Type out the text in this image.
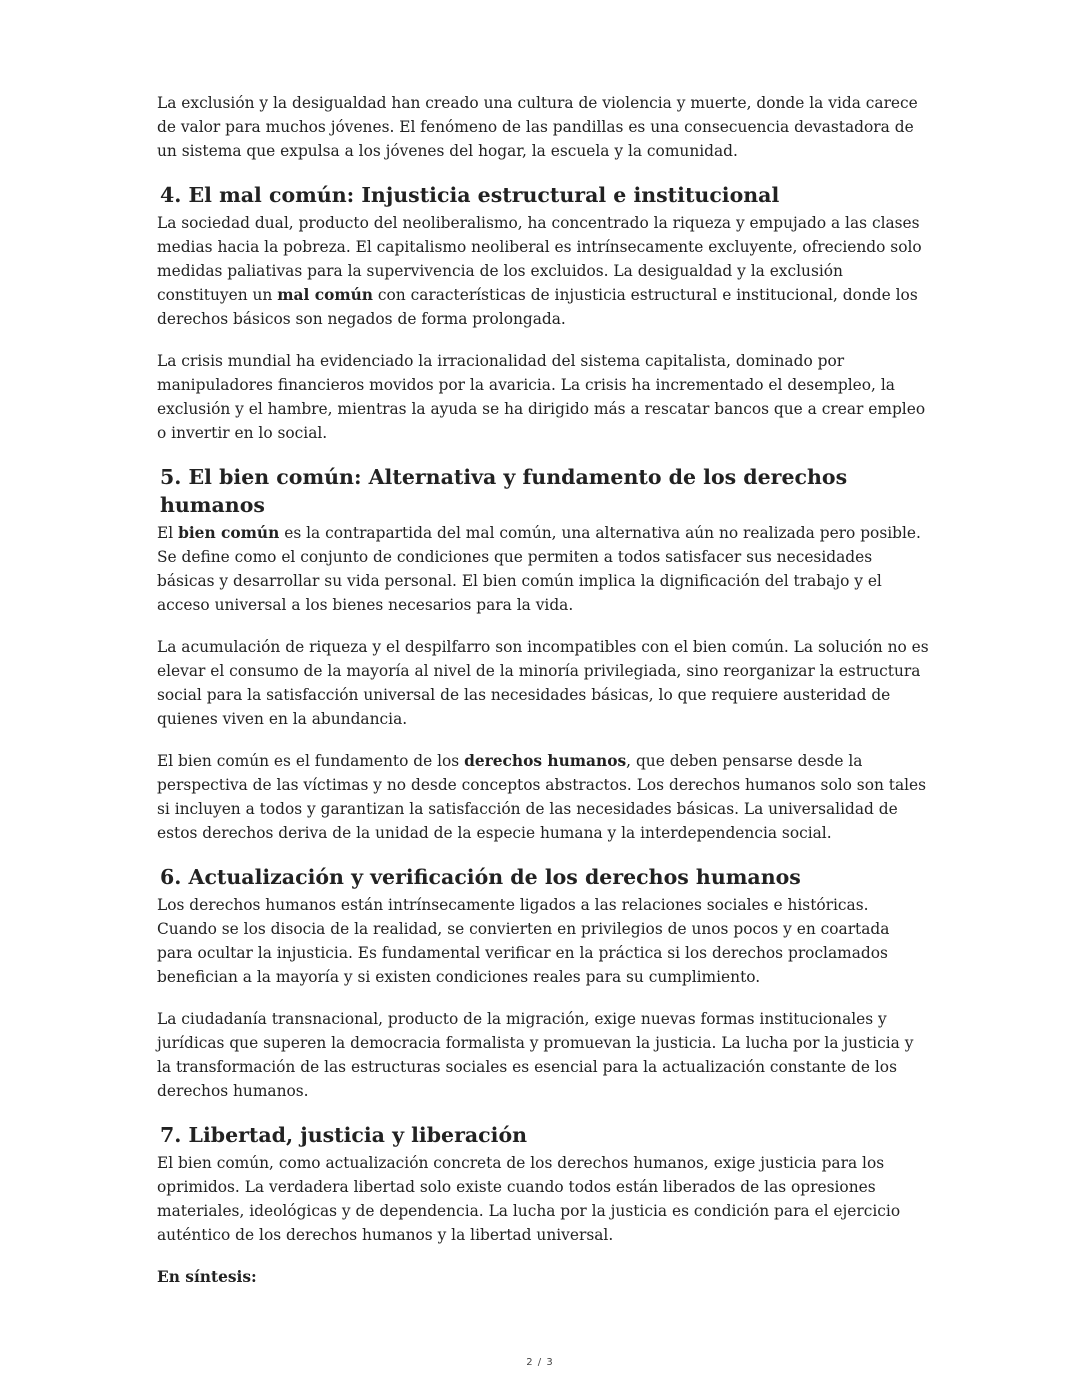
La exclusión y la desigualdad han creado una cultura de violencia y muerte, donde la vida carece de valor para muchos jóvenes. El fenómeno de las pandillas es una consecuencia devastadora de un sistema que expulsa a los jóvenes del hogar, la escuela y la comunidad.

4. El mal común: Injusticia estructural e institucional

La sociedad dual, producto del neoliberalismo, ha concentrado la riqueza y empujado a las clases medias hacia la pobreza. El capitalismo neoliberal es intrínsecamente excluyente, ofreciendo solo medidas paliativas para la supervivencia de los excluidos. La desigualdad y la exclusión constituyen un mal común con características de injusticia estructural e institucional, donde los derechos básicos son negados de forma prolongada.

La crisis mundial ha evidenciado la irracionalidad del sistema capitalista, dominado por manipuladores financieros movidos por la avaricia. La crisis ha incrementado el desempleo, la exclusión y el hambre, mientras la ayuda se ha dirigido más a rescatar bancos que a crear empleo o invertir en lo social.

5. El bien común: Alternativa y fundamento de los derechos humanos

El bien común es la contrapartida del mal común, una alternativa aún no realizada pero posible. Se define como el conjunto de condiciones que permiten a todos satisfacer sus necesidades básicas y desarrollar su vida personal. El bien común implica la dignificación del trabajo y el acceso universal a los bienes necesarios para la vida.

La acumulación de riqueza y el despilfarro son incompatibles con el bien común. La solución no es elevar el consumo de la mayoría al nivel de la minoría privilegiada, sino reorganizar la estructura social para la satisfacción universal de las necesidades básicas, lo que requiere austeridad de quienes viven en la abundancia.

El bien común es el fundamento de los derechos humanos, que deben pensarse desde la perspectiva de las víctimas y no desde conceptos abstractos. Los derechos humanos solo son tales si incluyen a todos y garantizan la satisfacción de las necesidades básicas. La universalidad de estos derechos deriva de la unidad de la especie humana y la interdependencia social.

6. Actualización y verificación de los derechos humanos

Los derechos humanos están intrínsecamente ligados a las relaciones sociales e históricas. Cuando se los disocia de la realidad, se convierten en privilegios de unos pocos y en coartada para ocultar la injusticia. Es fundamental verificar en la práctica si los derechos proclamados benefician a la mayoría y si existen condiciones reales para su cumplimiento.

La ciudadanía transnacional, producto de la migración, exige nuevas formas institucionales y jurídicas que superen la democracia formalista y promuevan la justicia. La lucha por la justicia y la transformación de las estructuras sociales es esencial para la actualización constante de los derechos humanos.

7. Libertad, justicia y liberación

El bien común, como actualización concreta de los derechos humanos, exige justicia para los oprimidos. La verdadera libertad solo existe cuando todos están liberados de las opresiones materiales, ideológicas y de dependencia. La lucha por la justicia es condición para el ejercicio auténtico de los derechos humanos y la libertad universal.

En síntesis:

2 / 3
